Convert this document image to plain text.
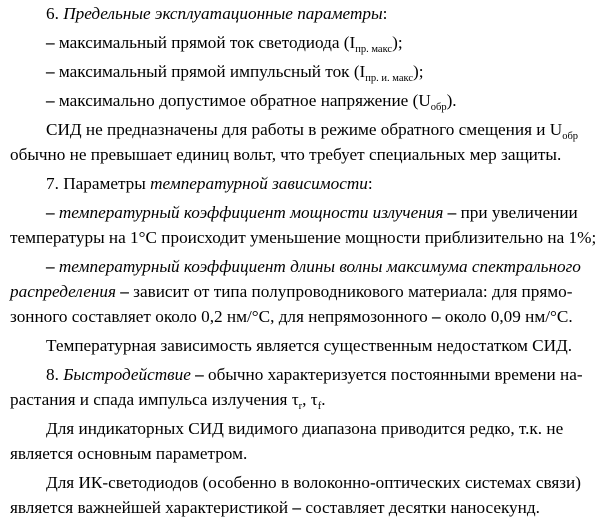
6. Предельные эксплуатационные параметры:
– максимальный прямой ток светодиода $(I_{пр. макс})$;
– максимальный прямой импульсный ток $(I_{пр. и. макс})$;
– максимально допустимое обратное напряжение $(U_{обр})$.
СИД не предназначены для работы в режиме обратного смещения и $U_{обр}$
обычно не превышает единиц вольт, что требует специальных мер защиты.
7. Параметры температурной зависимости:
– температурный коэффициент мощности излучения – при увеличении
температуры на 1°С происходит уменьшение мощности приблизительно на 1%;
– температурный коэффициент длины волны максимума спектрального
распределения – зависит от типа полупроводникового материала: для прямо-
зонного составляет около 0,2 нм/°С, для непрямозонного – около 0,09 нм/°С.
Температурная зависимость является существенным недостатком СИД.
8. Быстродействие – обычно характеризуется постоянными времени на-
растания и спада импульса излучения $\tau_r$, $\tau_f$.
Для индикаторных СИД видимого диапазона приводится редко, т.к. не
является основным параметром.
Для ИК-светодиодов (особенно в волоконно-оптических системах связи)
является важнейшей характеристикой – составляет десятки наносекунд.
